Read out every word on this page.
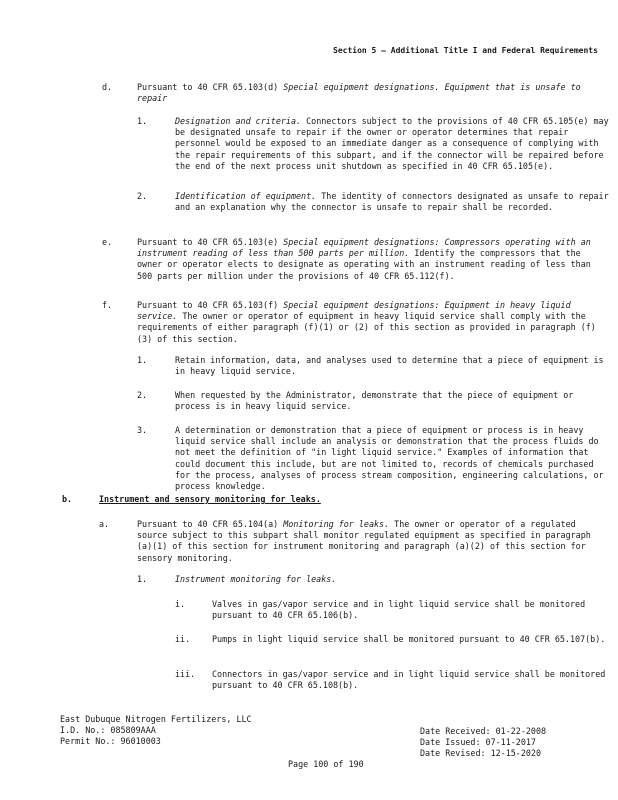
Section 5 – Additional Title I and Federal Requirements
d.	Pursuant to 40 CFR 65.103(d) Special equipment designations. Equipment that is unsafe to repair
1.	Designation and criteria. Connectors subject to the provisions of 40 CFR 65.105(e) may be designated unsafe to repair if the owner or operator determines that repair personnel would be exposed to an immediate danger as a consequence of complying with the repair requirements of this subpart, and if the connector will be repaired before the end of the next process unit shutdown as specified in 40 CFR 65.105(e).
2.	Identification of equipment. The identity of connectors designated as unsafe to repair and an explanation why the connector is unsafe to repair shall be recorded.
e.	Pursuant to 40 CFR 65.103(e) Special equipment designations: Compressors operating with an instrument reading of less than 500 parts per million. Identify the compressors that the owner or operator elects to designate as operating with an instrument reading of less than 500 parts per million under the provisions of 40 CFR 65.112(f).
f.	Pursuant to 40 CFR 65.103(f) Special equipment designations: Equipment in heavy liquid service. The owner or operator of equipment in heavy liquid service shall comply with the requirements of either paragraph (f)(1) or (2) of this section as provided in paragraph (f)(3) of this section.
1.	Retain information, data, and analyses used to determine that a piece of equipment is in heavy liquid service.
2.	When requested by the Administrator, demonstrate that the piece of equipment or process is in heavy liquid service.
3.	A determination or demonstration that a piece of equipment or process is in heavy liquid service shall include an analysis or demonstration that the process fluids do not meet the definition of "in light liquid service." Examples of information that could document this include, but are not limited to, records of chemicals purchased for the process, analyses of process stream composition, engineering calculations, or process knowledge.
b.	Instrument and sensory monitoring for leaks.
a.	Pursuant to 40 CFR 65.104(a) Monitoring for leaks. The owner or operator of a regulated source subject to this subpart shall monitor regulated equipment as specified in paragraph (a)(1) of this section for instrument monitoring and paragraph (a)(2) of this section for sensory monitoring.
1.	Instrument monitoring for leaks.
i.	Valves in gas/vapor service and in light liquid service shall be monitored pursuant to 40 CFR 65.106(b).
ii.	Pumps in light liquid service shall be monitored pursuant to 40 CFR 65.107(b).
iii. Connectors in gas/vapor service and in light liquid service shall be monitored pursuant to 40 CFR 65.108(b).
East Dubuque Nitrogen Fertilizers, LLC
I.D. No.: 085809AAA
Permit No.: 96010003
Date Received: 01-22-2008
Date Issued: 07-11-2017
Date Revised: 12-15-2020
Page 100 of 190
